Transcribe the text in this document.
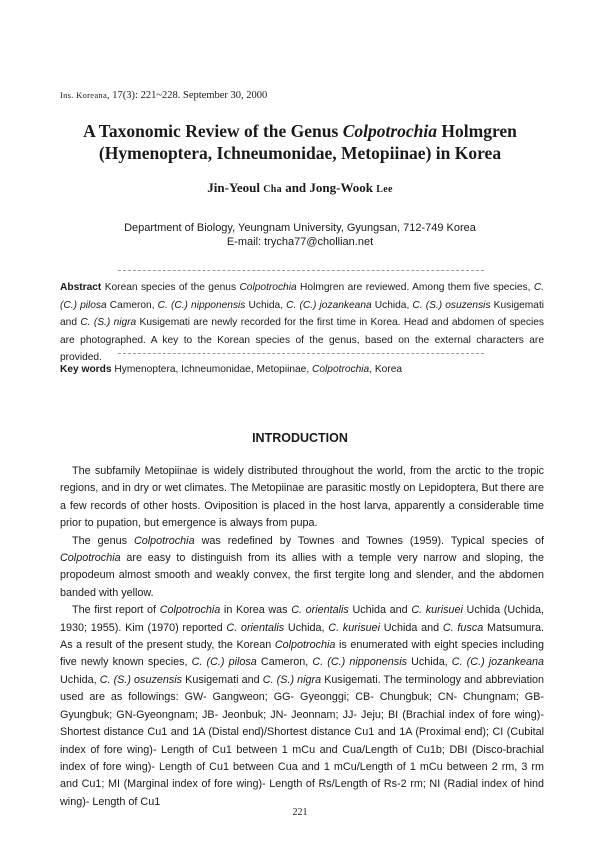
Ins. Koreana, 17(3): 221~228. September 30, 2000
A Taxonomic Review of the Genus Colpotrochia Holmgren
(Hymenoptera, Ichneumonidae, Metopiinae) in Korea
Jin-Yeoul Cha and Jong-Wook Lee
Department of Biology, Yeungnam University, Gyungsan, 712-749 Korea
E-mail: trycha77@chollian.net
Abstract Korean species of the genus Colpotrochia Holmgren are reviewed. Among them five species, C. (C.) pilosa Cameron, C. (C.) nipponensis Uchida, C. (C.) jozankeana Uchida, C. (S.) osuzensis Kusigemati and C. (S.) nigra Kusigemati are newly recorded for the first time in Korea. Head and abdomen of species are photographed. A key to the Korean species of the genus, based on the external characters are provided.
Key words Hymenoptera, Ichneumonidae, Metopiinae, Colpotrochia, Korea
INTRODUCTION

The subfamily Metopiinae is widely distributed throughout the world, from the arctic to the tropic regions, and in dry or wet climates. The Metopiinae are parasitic mostly on Lepidoptera, But there are a few records of other hosts. Oviposition is placed in the host larva, apparently a considerable time prior to pupation, but emergence is always from pupa.

The genus Colpotrochia was redefined by Townes and Townes (1959). Typical species of Colpotrochia are easy to distinguish from its allies with a temple very narrow and sloping, the propodeum almost smooth and weakly convex, the first tergite long and slender, and the abdomen banded with yellow.

The first report of Colpotrochia in Korea was C. orientalis Uchida and C. kurisuei Uchida (Uchida, 1930; 1955). Kim (1970) reported C. orientalis Uchida, C. kurisuei Uchida and C. fusca Matsumura. As a result of the present study, the Korean Colpotrochia is enumerated with eight species including five newly known species, C. (C.) pilosa Cameron, C. (C.) nipponensis Uchida, C. (C.) jozankeana Uchida, C. (S.) osuzensis Kusigemati and C. (S.) nigra Kusigemati. The terminology and abbreviation used are as followings: GW- Gangweon; GG- Gyeonggi; CB- Chungbuk; CN- Chungnam; GB- Gyungbuk; GN-Gyeongnam; JB- Jeonbuk; JN- Jeonnam; JJ- Jeju; BI (Brachial index of fore wing)- Shortest distance Cu1 and 1A (Distal end)/Shortest distance Cu1 and 1A (Proximal end); CI (Cubital index of fore wing)- Length of Cu1 between 1 mCu and Cua/Length of Cu1b; DBI (Disco-brachial index of fore wing)- Length of Cu1 between Cua and 1 mCu/Length of 1 mCu between 2 rm, 3 rm and Cu1; MI (Marginal index of fore wing)- Length of Rs/Length of Rs-2 rm; NI (Radial index of hind wing)- Length of Cu1

221
